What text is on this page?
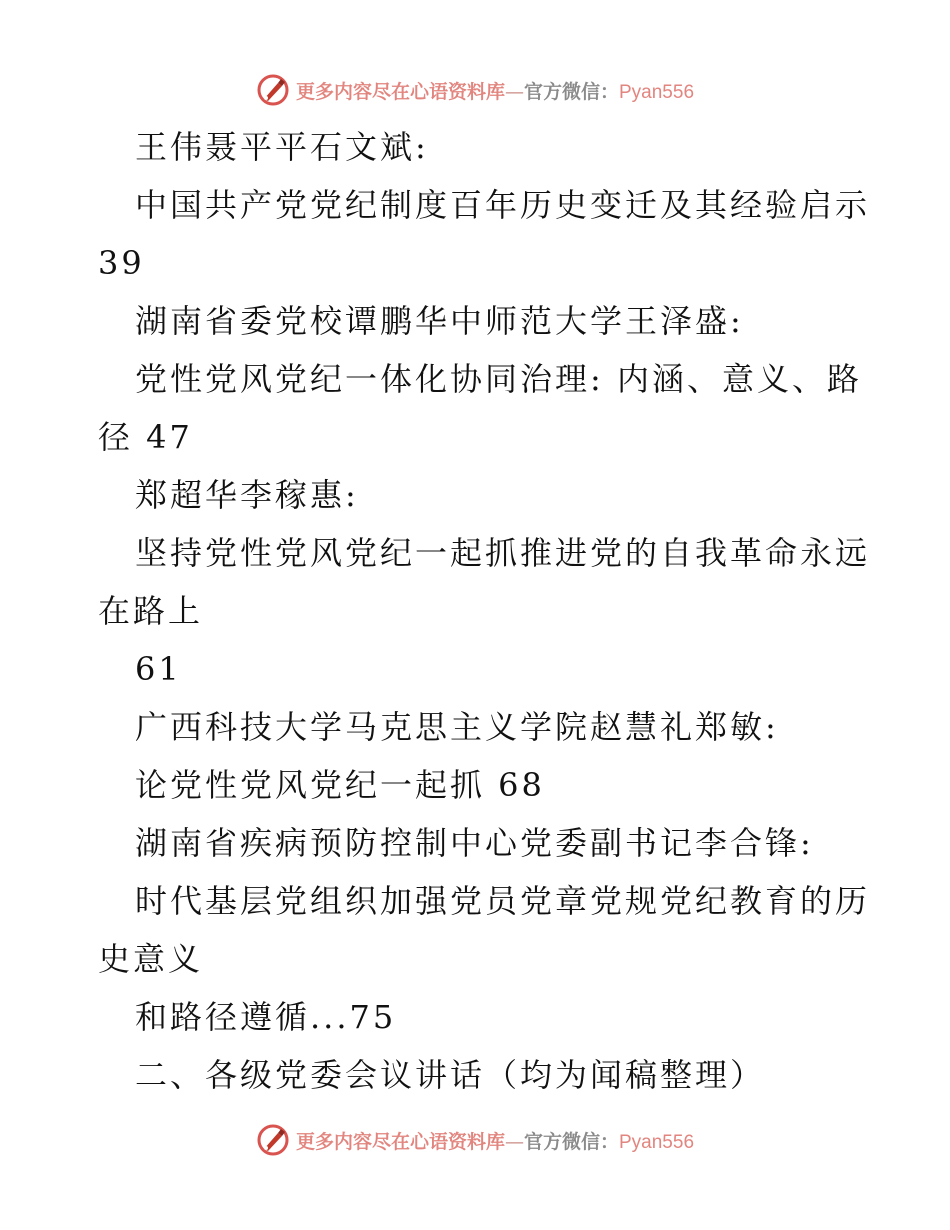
更多内容尽在心语资料库—官方微信：Pyan556
王伟聂平平石文斌:
中国共产党党纪制度百年历史变迁及其经验启示
39
湖南省委党校谭鹏华中师范大学王泽盛:
党性党风党纪一体化协同治理: 内涵、意义、路
径 47
郑超华李稼惠:
坚持党性党风党纪一起抓推进党的自我革命永远
在路上
61
广西科技大学马克思主义学院赵慧礼郑敏:
论党性党风党纪一起抓 68
湖南省疾病预防控制中心党委副书记李合锋:
时代基层党组织加强党员党章党规党纪教育的历
史意义
和路径遵循...75
二、各级党委会议讲话（均为闻稿整理）
更多内容尽在心语资料库—官方微信：Pyan556
